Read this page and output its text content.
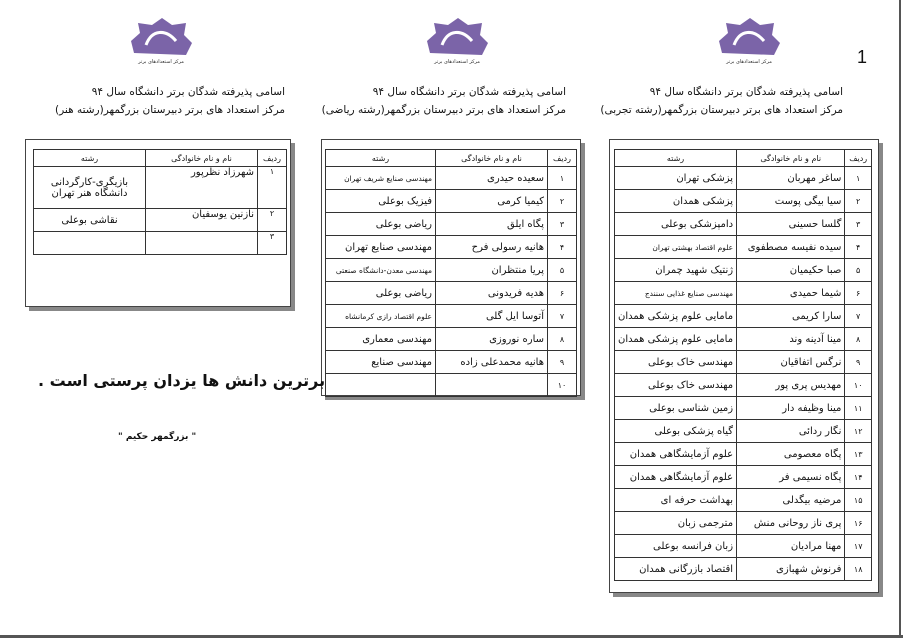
1
مرکز استعدادهای برتر
مرکز استعدادهای برتر
مرکز استعدادهای برتر
اسامی پذیرفته شدگان برتر دانشگاه سال ۹۴
مرکز استعداد های برتر دبیرستان بزرگمهر(رشته تجربی)
اسامی پذیرفته شدگان برتر دانشگاه سال ۹۴
مرکز استعداد های برتر دبیرستان بزرگمهر(رشته ریاضی)
اسامی پذیرفته شدگان برتر دانشگاه سال ۹۴
مرکز استعداد های برتر دبیرستان بزرگمهر(رشته هنر)
ردیف	نام و نام خانوادگی	رشته
۱	ساغر مهربان	پزشکی تهران
۲	سیا بیگی پوست	پزشکی همدان
۳	گلسا حسینی	دامپزشکی بوعلی
۴	سیده نفیسه مصطفوی	علوم اقتصاد بهشتی تهران
۵	صبا حکیمیان	ژنتیک شهید چمران
۶	شیما حمیدی	مهندسی صنایع غذایی سنندج
۷	سارا کریمی	مامایی علوم پزشکی همدان
۸	مینا آدینه وند	مامایی علوم پزشکی همدان
۹	نرگس اتفاقیان	مهندسی خاک بوعلی
۱۰	مهدیس پری پور	مهندسی خاک بوعلی
۱۱	مینا وظیفه دار	زمین شناسی بوعلی
۱۲	نگار ردائی	گیاه پزشکی بوعلی
۱۳	پگاه معصومی	علوم آزمایشگاهی همدان
۱۴	پگاه نسیمی فر	علوم آزمایشگاهی همدان
۱۵	مرضیه بیگدلی	بهداشت حرفه ای
۱۶	پری ناز روحانی منش	مترجمی زبان
۱۷	مهنا مرادیان	زبان فرانسه بوعلی
۱۸	فرنوش شهبازی	اقتصاد بازرگانی همدان
ردیف	نام و نام خانوادگی	رشته
۱	سعیده حیدری	مهندسی صنایع شریف تهران
۲	کیمیا کرمی	فیزیک بوعلی
۳	پگاه ایلق	ریاضی بوعلی
۴	هانیه رسولی فرح	مهندسی صنایع تهران
۵	پریا منتظران	مهندسی معدن-دانشگاه صنعتی
۶	هدیه فریدونی	ریاضی بوعلی
۷	آتوسا ایل گلی	علوم اقتصاد رازی کرمانشاه
۸	ساره نوروزی	مهندسی معماری
۹	هانیه محمدعلی زاده	مهندسی صنایع
۱۰		
ردیف	نام و نام خانوادگی	رشته
۱	شهرزاد نظرپور	بازیگری-کارگردانی
دانشگاه هنر تهران

۲	نازنین یوسفیان	نقاشی بوعلی

۳		
برترین دانش ها یزدان پرستی است .
" بزرگمهر حکیم "
